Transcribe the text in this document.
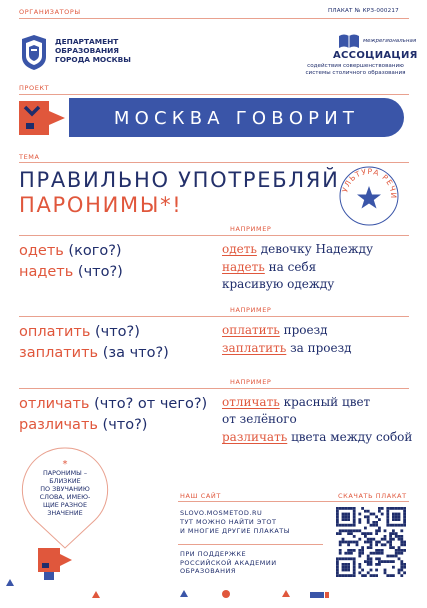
ОРГАНИЗАТОРЫ	ПЛАКАТ № КРЗ-000217
ДЕПАРТАМЕНТ
ОБРАЗОВАНИЯ
ГОРОДА МОСКВЫ
межрегиональная
АССОЦИАЦИЯ
содействия совершенствованию
системы столичного образования
ПРОЕКТ
МОСКВА ГОВОРИТ
ТЕМА
ПРАВИЛЬНО УПОТРЕБЛЯЙ
ПАРОНИМЫ*!
УЛЬТУРА РЕЧИ
НАПРИМЕР
одеть (кого?)
надеть (что?)
одеть девочку Надежду
надеть на себя
красивую одежду
НАПРИМЕР
оплатить (что?)
заплатить (за что?)
оплатить проезд
заплатить за проезд
НАПРИМЕР
отличать (что? от чего?)
различать (что?)
отличать красный цвет
от зелёного
различать цвета между собой
*
ПАРОНИМЫ –
БЛИЗКИЕ
ПО ЗВУЧАНИЮ
СЛОВА, ИМЕЮ-
ЩИЕ РАЗНОЕ
ЗНАЧЕНИЕ
НАШ САЙТ
SLOVO.MOSMETOD.RU
ТУТ МОЖНО НАЙТИ ЭТОТ
И МНОГИЕ ДРУГИЕ ПЛАКАТЫ
ПРИ ПОДДЕРЖКЕ
РОССИЙСКОЙ АКАДЕМИИ
ОБРАЗОВАНИЯ
СКАЧАТЬ ПЛАКАТ
